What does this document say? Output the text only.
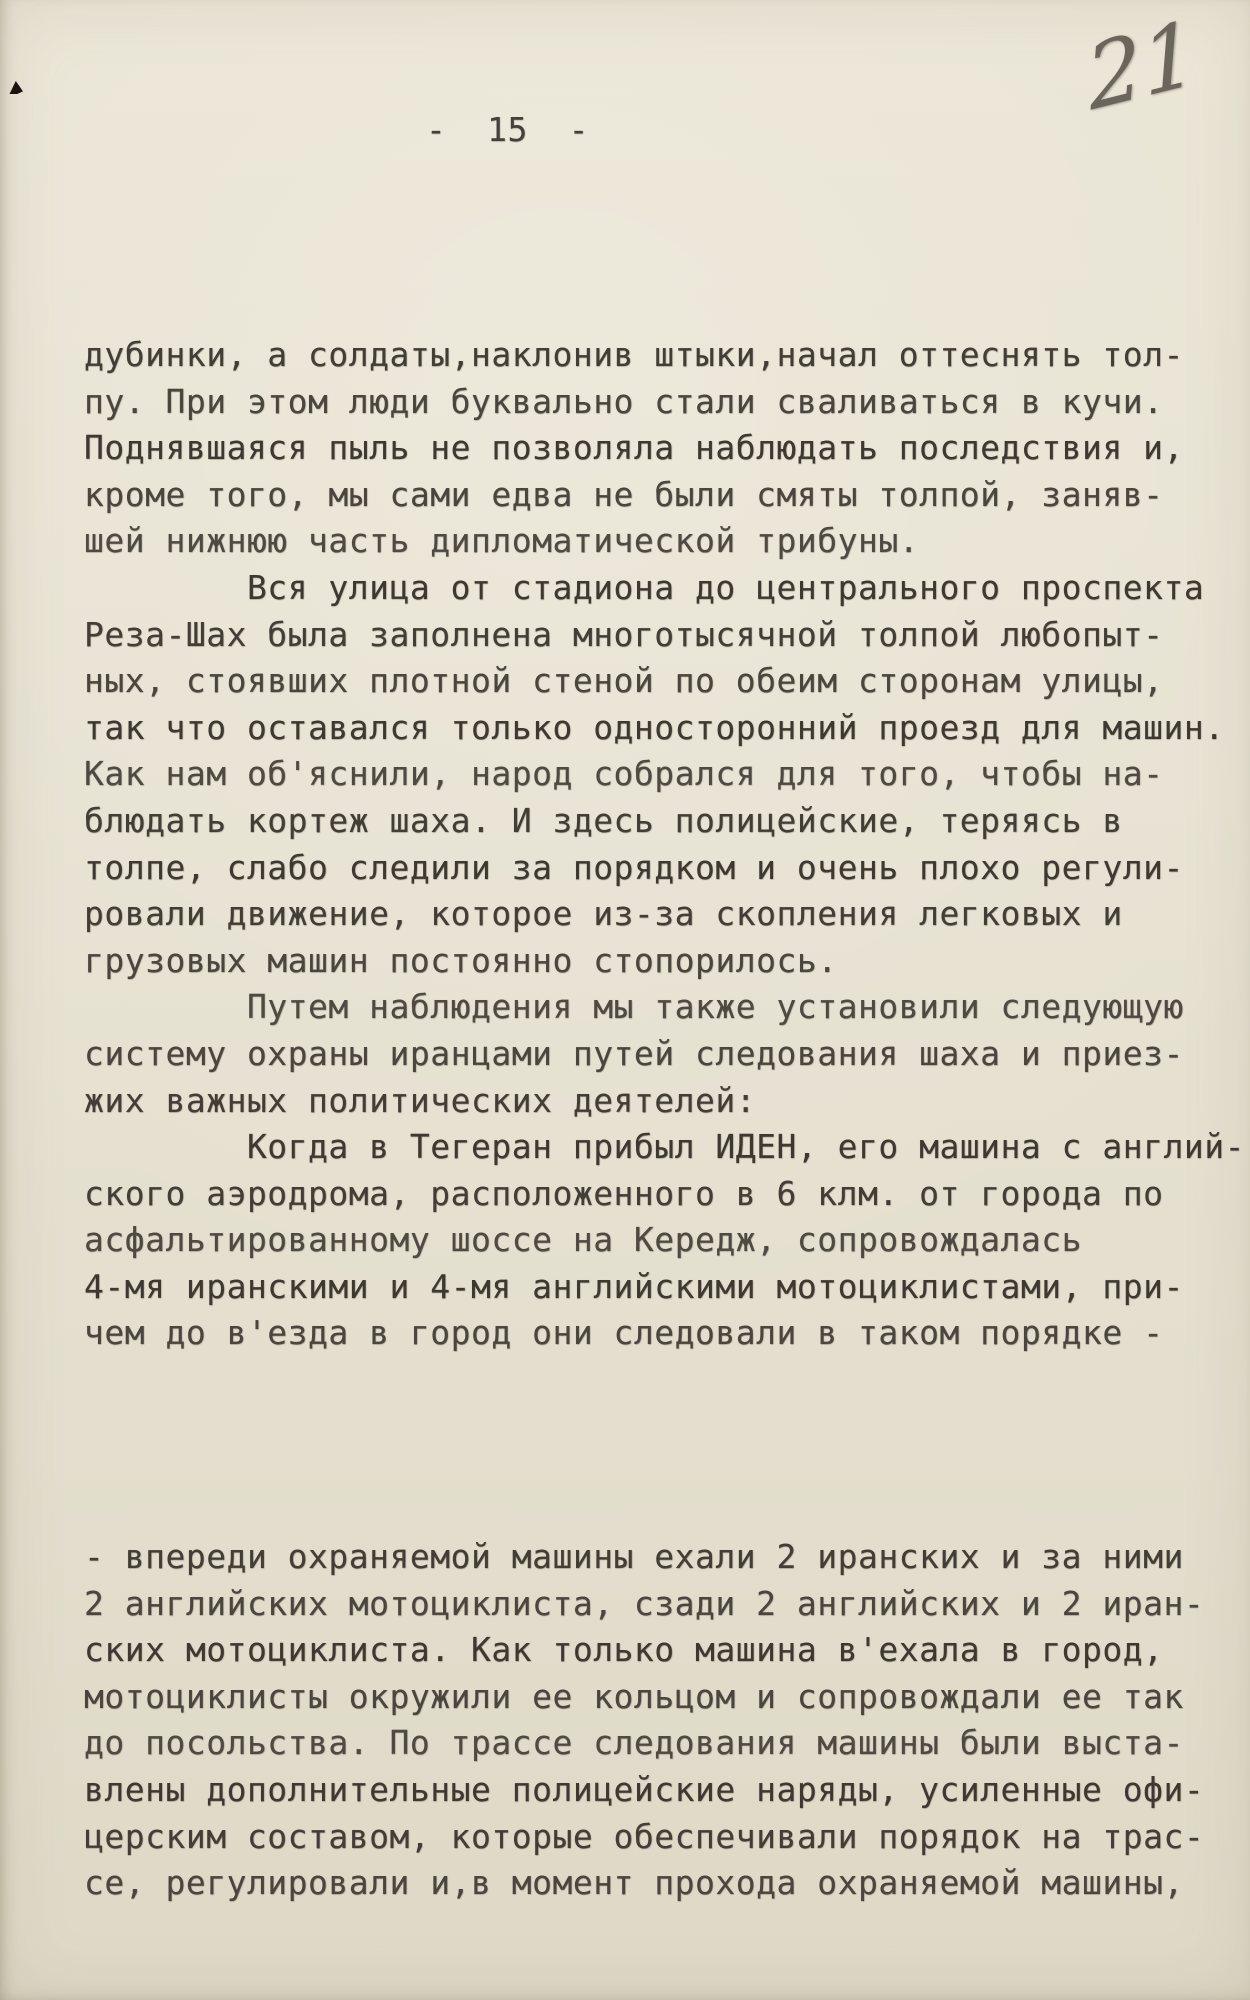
21
-  15  -
дубинки, а солдаты,наклонив штыки,начал оттеснять тол-
пу. При этом люди буквально стали сваливаться в кучи.
Поднявшаяся пыль не позволяла наблюдать последствия и,
кроме того, мы сами едва не были смяты толпой, заняв-
шей нижнюю часть дипломатической трибуны.
Вся улица от стадиона до центрального проспекта
Реза-Шах была заполнена многотысячной толпой любопыт-
ных, стоявших плотной стеной по обеим сторонам улицы,
так что оставался только односторонний проезд для машин.
Как нам об'яснили, народ собрался для того, чтобы на-
блюдать кортеж шаха. И здесь полицейские, теряясь в
толпе, слабо следили за порядком и очень плохо регули-
ровали движение, которое из-за скопления легковых и
грузовых машин постоянно стопорилось.
Путем наблюдения мы также установили следующую
систему охраны иранцами путей следования шаха и приез-
жих важных политических деятелей:
Когда в Тегеран прибыл ИДЕН, его машина с англий-
ского аэродрома, расположенного в 6 клм. от города по
асфальтированному шоссе на Кередж, сопровождалась
4-мя иранскими и 4-мя английскими мотоциклистами, при-
чем до в'езда в город они следовали в таком порядке -
- впереди охраняемой машины ехали 2 иранских и за ними
2 английских мотоциклиста, сзади 2 английских и 2 иран-
ских мотоциклиста. Как только машина в'ехала в город,
мотоциклисты окружили ее кольцом и сопровождали ее так
до посольства. По трассе следования машины были выста-
влены дополнительные полицейские наряды, усиленные офи-
церским составом, которые обеспечивали порядок на трас-
се, регулировали и,в момент прохода охраняемой машины,
